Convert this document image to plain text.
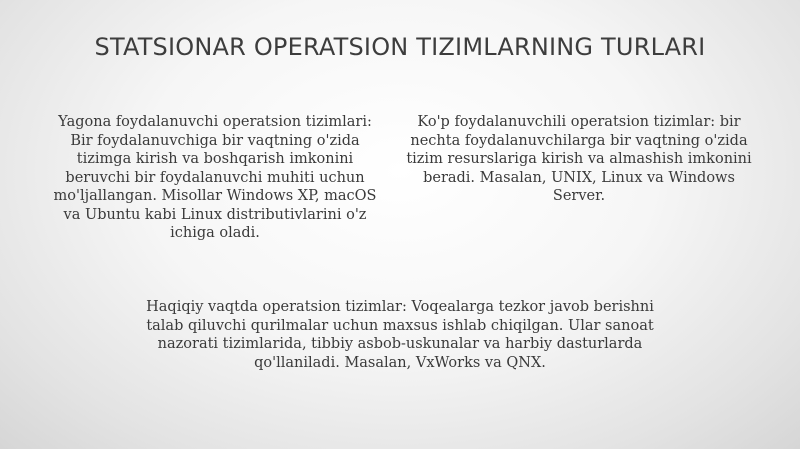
STATSIONAR OPERATSION TIZIMLARNING TURLARI

Yagona foydalanuvchi operatsion tizimlari: Bir foydalanuvchiga bir vaqtning o'zida tizimga kirish va boshqarish imkonini beruvchi bir foydalanuvchi muhiti uchun mo'ljallangan. Misollar Windows XP, macOS va Ubuntu kabi Linux distributivlarini o'z ichiga oladi.

Ko'p foydalanuvchili operatsion tizimlar: bir nechta foydalanuvchilarga bir vaqtning o'zida tizim resurslariga kirish va almashish imkonini beradi. Masalan, UNIX, Linux va Windows Server.

Haqiqiy vaqtda operatsion tizimlar: Voqealarga tezkor javob berishni talab qiluvchi qurilmalar uchun maxsus ishlab chiqilgan. Ular sanoat nazorati tizimlarida, tibbiy asbob-uskunalar va harbiy dasturlarda qo'llaniladi. Masalan, VxWorks va QNX.
